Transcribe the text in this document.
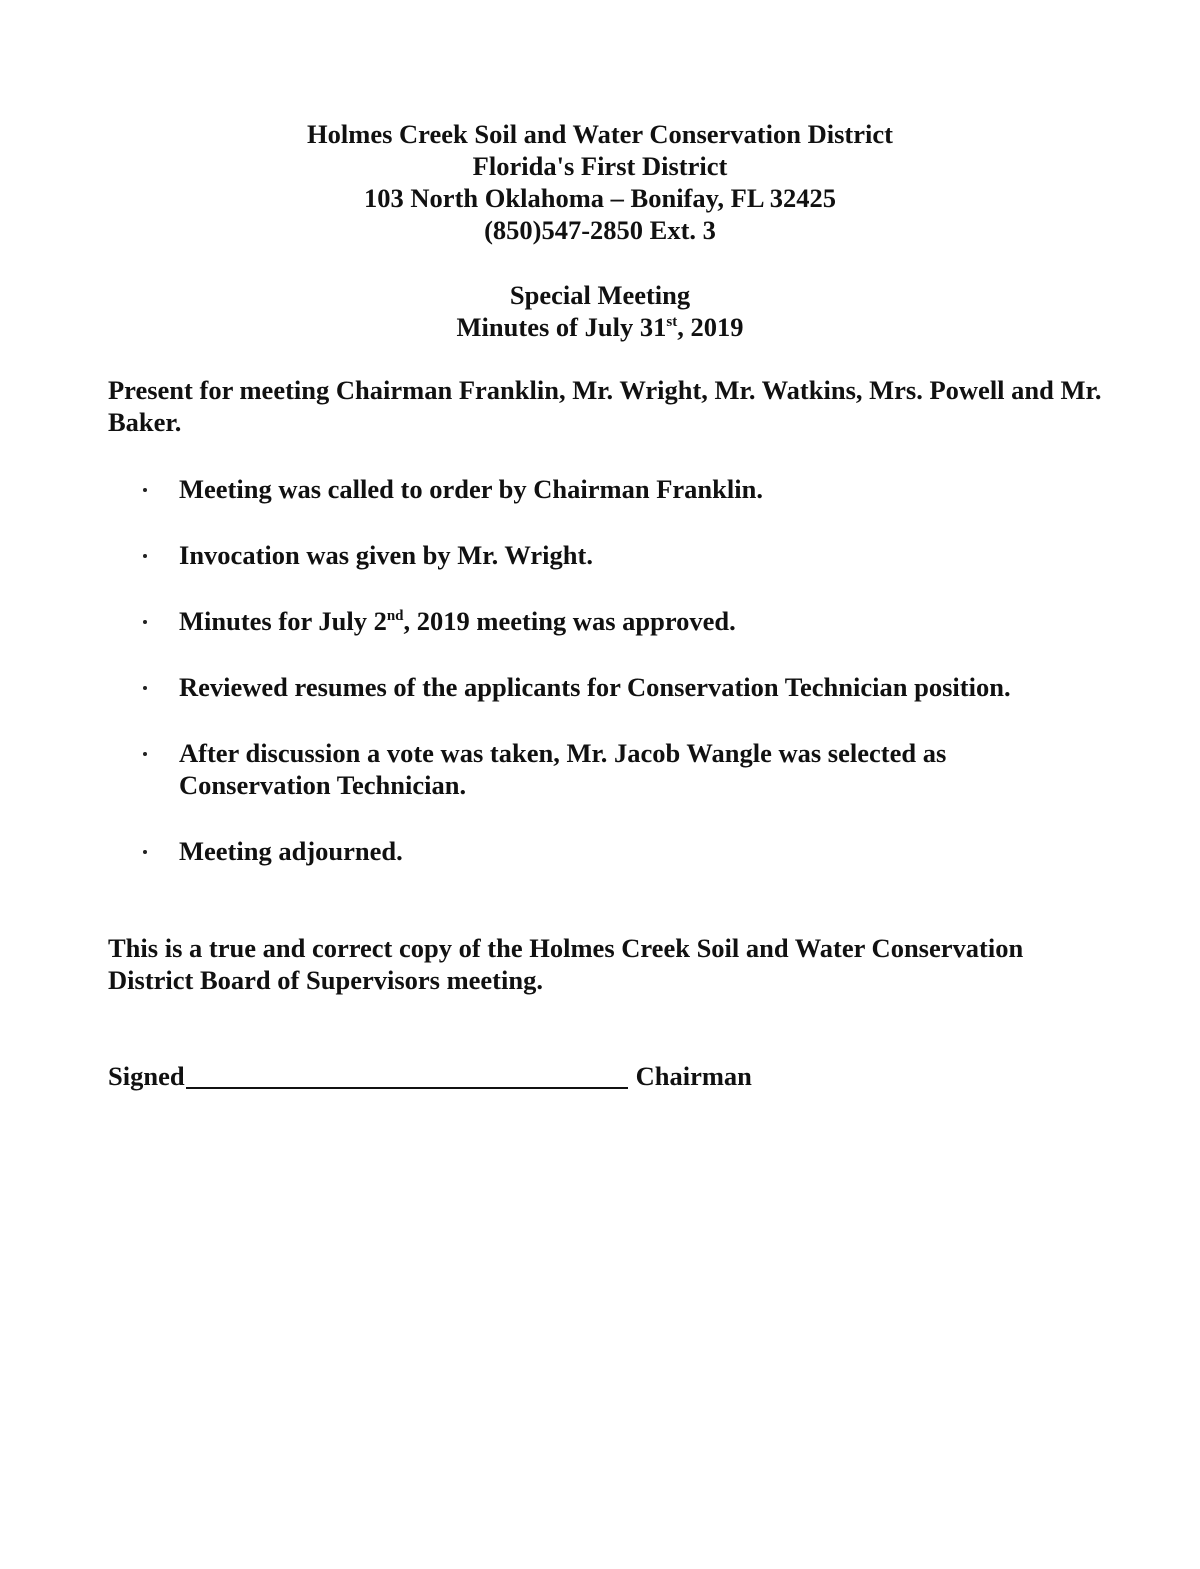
Holmes Creek Soil and Water Conservation District
Florida's First District
103 North Oklahoma – Bonifay, FL 32425
(850)547-2850 Ext. 3
Special Meeting
Minutes of July 31st, 2019
Present for meeting Chairman Franklin, Mr. Wright, Mr. Watkins, Mrs. Powell and Mr. Baker.
Meeting was called to order by Chairman Franklin.
Invocation was given by Mr. Wright.
Minutes for July 2nd, 2019 meeting was approved.
Reviewed resumes of the applicants for Conservation Technician position.
After discussion a vote was taken, Mr. Jacob Wangle was selected as Conservation Technician.
Meeting adjourned.
This is a true and correct copy of the Holmes Creek Soil and Water Conservation District Board of Supervisors meeting.
Signed	Chairman
